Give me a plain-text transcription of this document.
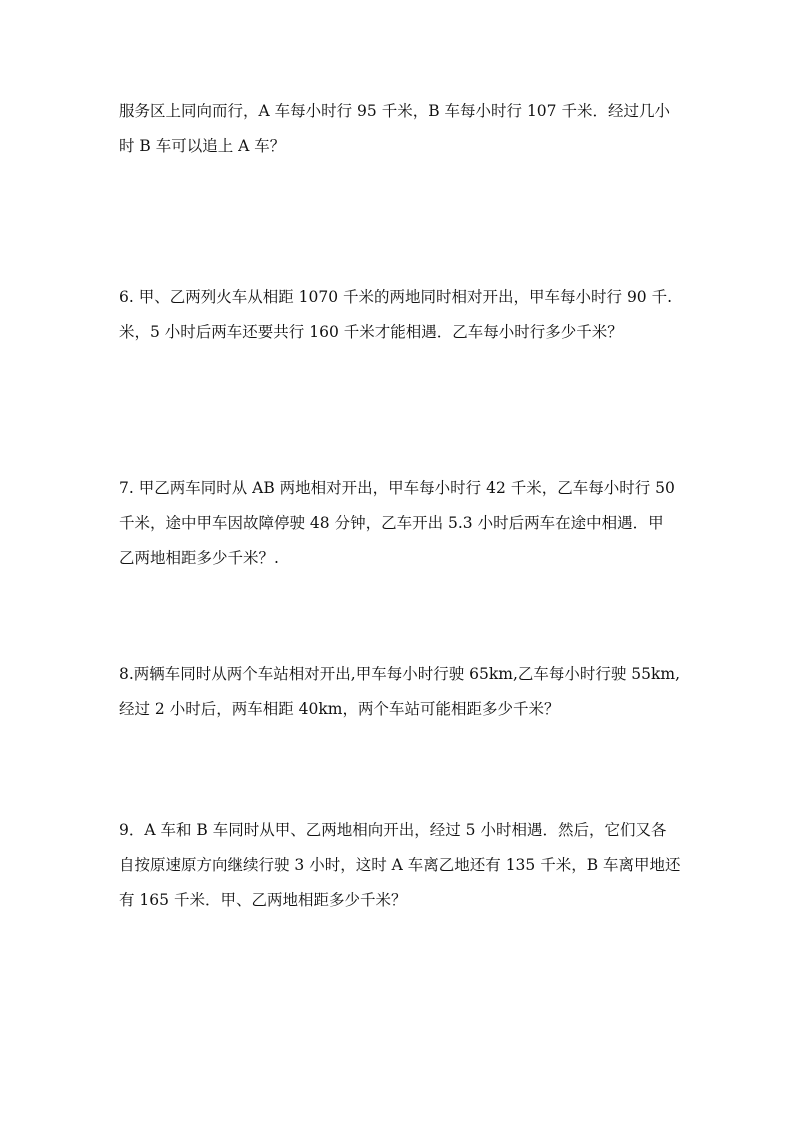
服务区上同向而行，A 车每小时行 95 千米，B 车每小时行 107 千米．经过几小
时 B 车可以追上 A 车？

6. 甲、乙两列火车从相距 1070 千米的两地同时相对开出，甲车每小时行 90 千.
米，5 小时后两车还要共行 160 千米才能相遇．乙车每小时行多少千米？

7. 甲乙两车同时从 AB 两地相对开出，甲车每小时行 42 千米，乙车每小时行 50
千米，途中甲车因故障停驶 48 分钟，乙车开出 5.3 小时后两车在途中相遇．甲
乙两地相距多少千米？.

8.两辆车同时从两个车站相对开出,甲车每小时行驶 65km,乙车每小时行驶 55km,
经过 2 小时后，两车相距 40km，两个车站可能相距多少千米？

9．A 车和 B 车同时从甲、乙两地相向开出，经过 5 小时相遇．然后，它们又各
自按原速原方向继续行驶 3 小时，这时 A 车离乙地还有 135 千米，B 车离甲地还
有 165 千米．甲、乙两地相距多少千米？
